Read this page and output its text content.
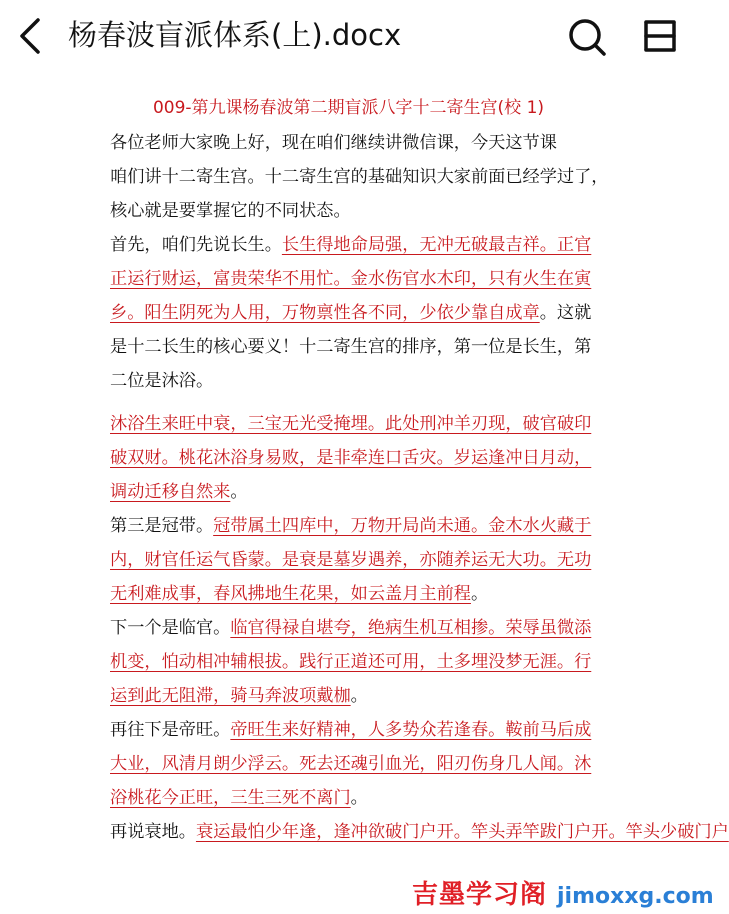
杨春波盲派体系(上).docx
009-第九课杨春波第二期盲派八字十二寄生宫(校 1)
各位老师大家晚上好，现在咱们继续讲微信课，今天这节课
咱们讲十二寄生宫。十二寄生宫的基础知识大家前面已经学过了，
核心就是要掌握它的不同状态。
首先，咱们先说长生。长生得地命局强，无冲无破最吉祥。正官
正运行财运，富贵荣华不用忙。金水伤官水木印，只有火生在寅
乡。阳生阴死为人用，万物禀性各不同，少依少靠自成章。这就
是十二长生的核心要义！十二寄生宫的排序，第一位是长生，第
二位是沐浴。
沐浴生来旺中衰，三宝无光受掩埋。此处刑冲羊刃现，破官破印
破双财。桃花沐浴身易败，是非牵连口舌灾。岁运逢冲日月动，
调动迁移自然来。
第三是冠带。冠带属土四库中，万物开局尚未通。金木水火藏于
内，财官任运气昏蒙。是衰是墓岁遇养，亦随养运无大功。无功
无利难成事，春风拂地生花果，如云盖月主前程。
下一个是临官。临官得禄自堪夸，绝病生机互相掺。荣辱虽微添
机变，怕动相冲辅根拔。践行正道还可用，土多埋没梦无涯。行
运到此无阻滞，骑马奔波项戴枷。
再往下是帝旺。帝旺生来好精神，人多势众若逢春。鞍前马后成
大业，风清月朗少浮云。死去还魂引血光，阳刃伤身几人闻。沐
浴桃花今正旺，三生三死不离门。
再说衰地。衰运最怕少年逢，逢冲欲破门户开。竿头弄竿跋门户开。竿头少破门户
吉墨学习阁 jimoxxg.com
